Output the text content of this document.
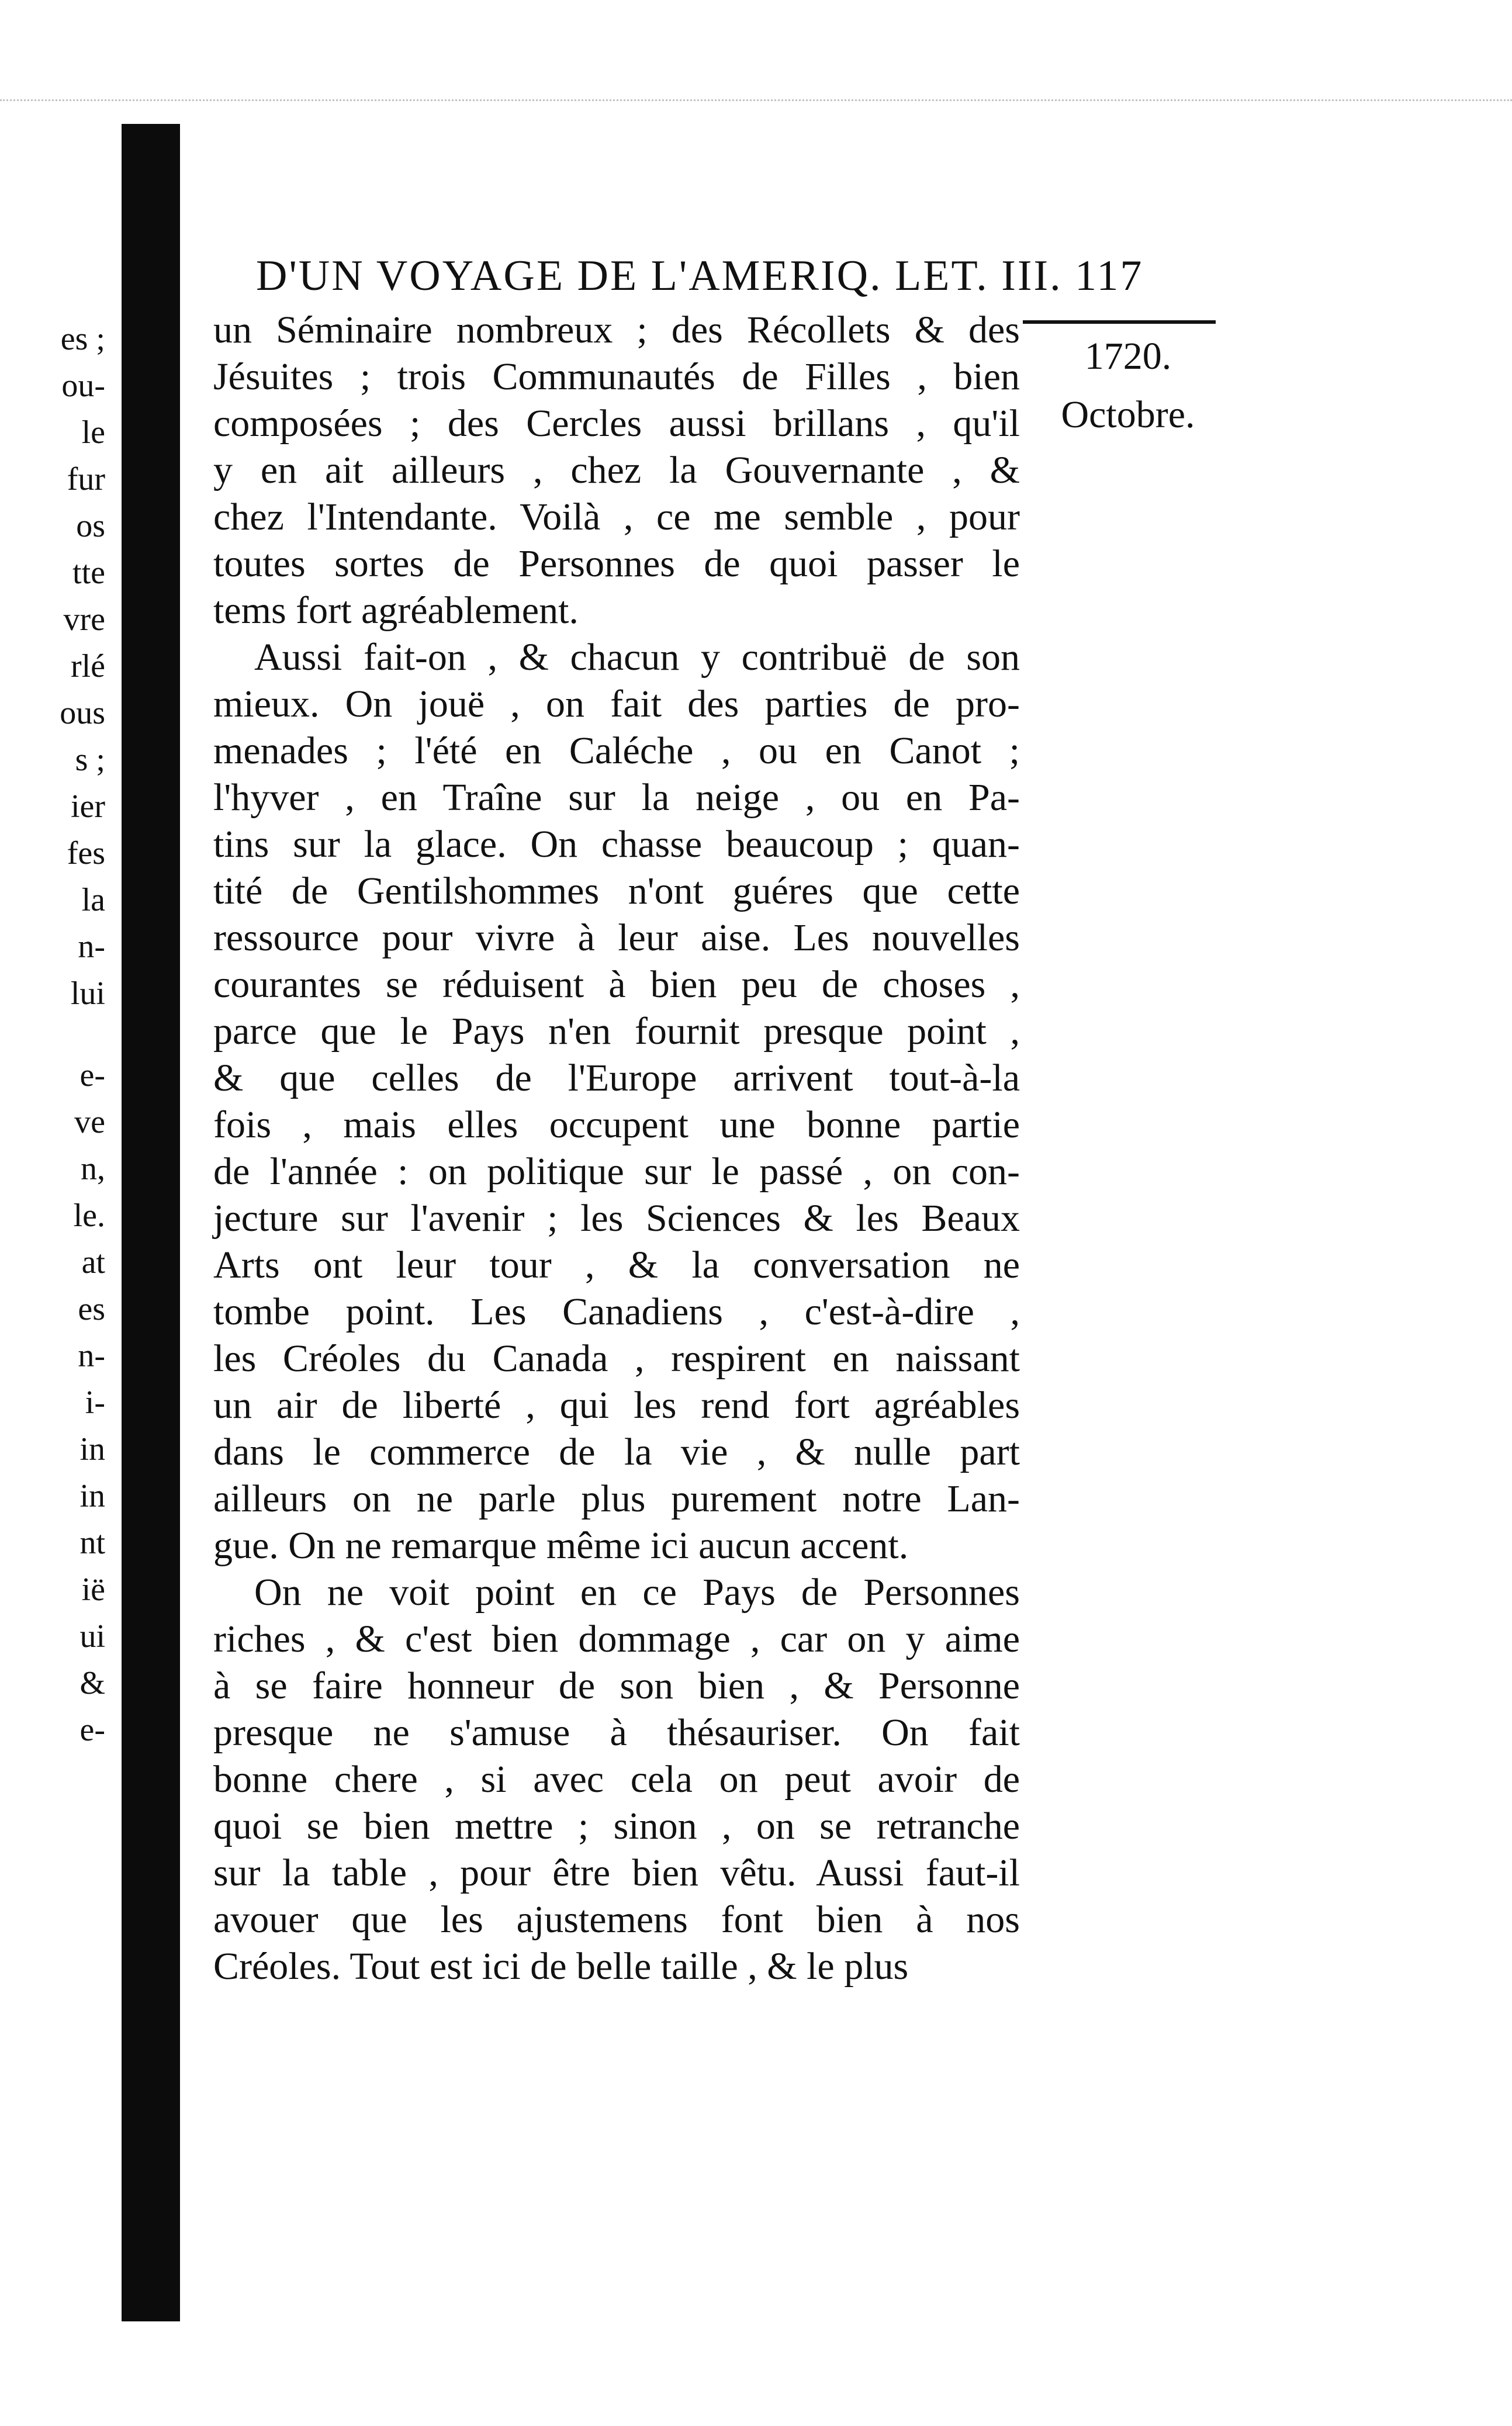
es ;
ou-
le
fur
os
tte
vre
rlé
ous
s ;
ier
fes
la
n-
lui
e-
ve
n,
le.
at
es
n-
i-
in
in
nt
ië
ui
&
e-
D'UN VOYAGE DE L'AMERIQ. LET. III. 117
1720.
Octobre.
un Séminaire nombreux ; des Récollets & des
Jésuites ; trois Communautés de Filles , bien
composées ; des Cercles aussi brillans , qu'il
y en ait ailleurs , chez la Gouvernante , &
chez l'Intendante. Voilà , ce me semble , pour
toutes sortes de Personnes de quoi passer le
tems fort agréablement.
Aussi fait-on , & chacun y contribuë de son
mieux. On jouë , on fait des parties de pro-
menades ; l'été en Caléche , ou en Canot ;
l'hyver , en Traîne sur la neige , ou en Pa-
tins sur la glace. On chasse beaucoup ; quan-
tité de Gentilshommes n'ont guéres que cette
ressource pour vivre à leur aise. Les nouvelles
courantes se réduisent à bien peu de choses ,
parce que le Pays n'en fournit presque point ,
& que celles de l'Europe arrivent tout-à-la
fois , mais elles occupent une bonne partie
de l'année : on politique sur le passé , on con-
jecture sur l'avenir ; les Sciences & les Beaux
Arts ont leur tour , & la conversation ne
tombe point. Les Canadiens , c'est-à-dire ,
les Créoles du Canada , respirent en naissant
un air de liberté , qui les rend fort agréables
dans le commerce de la vie , & nulle part
ailleurs on ne parle plus purement notre Lan-
gue. On ne remarque même ici aucun accent.
On ne voit point en ce Pays de Personnes
riches , & c'est bien dommage , car on y aime
à se faire honneur de son bien , & Personne
presque ne s'amuse à thésauriser. On fait
bonne chere , si avec cela on peut avoir de
quoi se bien mettre ; sinon , on se retranche
sur la table , pour être bien vêtu. Aussi faut-il
avouer que les ajustemens font bien à nos
Créoles. Tout est ici de belle taille , & le plus
